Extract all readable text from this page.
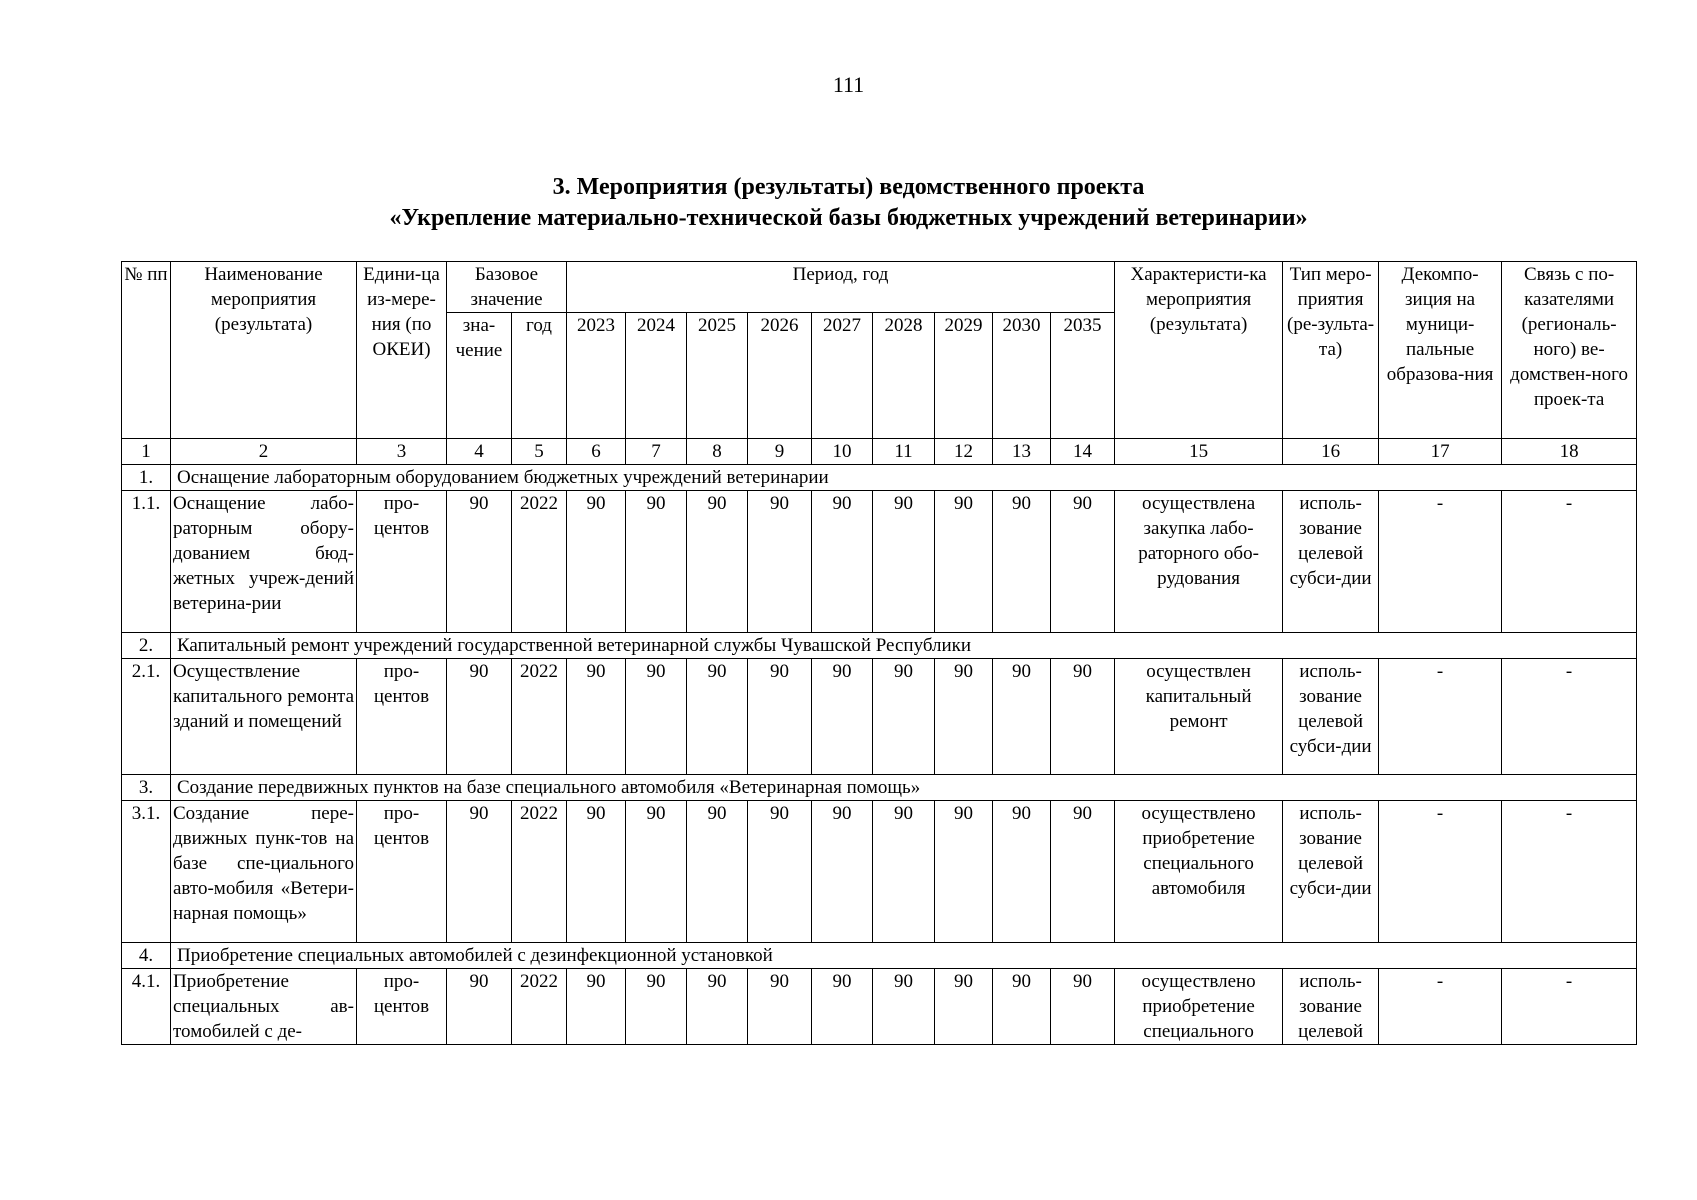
111
3. Мероприятия (результаты) ведомственного проекта
«Укрепление материально-технической базы бюджетных учреждений ветеринарии»
№ пп	Наименование мероприятия (результата)	Едини-ца из-мере-ния (по ОКЕИ)	Базовое значение		Период, год									Характеристи-ка мероприятия (результата)	Тип меро-приятия (ре-зульта-та)	Декомпо-зиция на муници-пальные образова-ния	Связь с по-казателями (региональ-ного) ве-домствен-ного проек-та
			зна-чение	год	2023	2024	2025	2026	2027	2028	2029	2030	2035				

1	2	3	4	5	6	7	8	9	10	11	12	13	14	15	16	17	18
1.	Оснащение лабораторным оборудованием бюджетных учреждений ветеринарии																
1.1.	Оснащение лабо-раторным обору-дованием бюд-жетных учреж-дений ветерина-рии	про-центов	90	2022	90	90	90	90	90	90	90	90	90	осуществлена закупка лабо-раторного обо-рудования	исполь-зование целевой субси-дии	-	-
2.	Капитальный ремонт учреждений государственной ветеринарной службы Чувашской Республики																
2.1.	Осуществление капитального ремонта зданий и помещений	про-центов	90	2022	90	90	90	90	90	90	90	90	90	осуществлен капитальный ремонт	исполь-зование целевой субси-дии	-	-
3.	Создание передвижных пунктов на базе специального автомобиля «Ветеринарная помощь»																
3.1.	Создание пере-движных пунк-тов на базе спе-циального авто-мобиля «Ветери-нарная помощь»	про-центов	90	2022	90	90	90	90	90	90	90	90	90	осуществлено приобретение специального автомобиля	исполь-зование целевой субси-дии	-	-
4.	Приобретение специальных автомобилей с дезинфекционной установкой																
4.1.	Приобретение специальных ав-томобилей с де-	про-центов	90	2022	90	90	90	90	90	90	90	90	90	осуществлено приобретение специального	исполь-зование целевой	-	-
